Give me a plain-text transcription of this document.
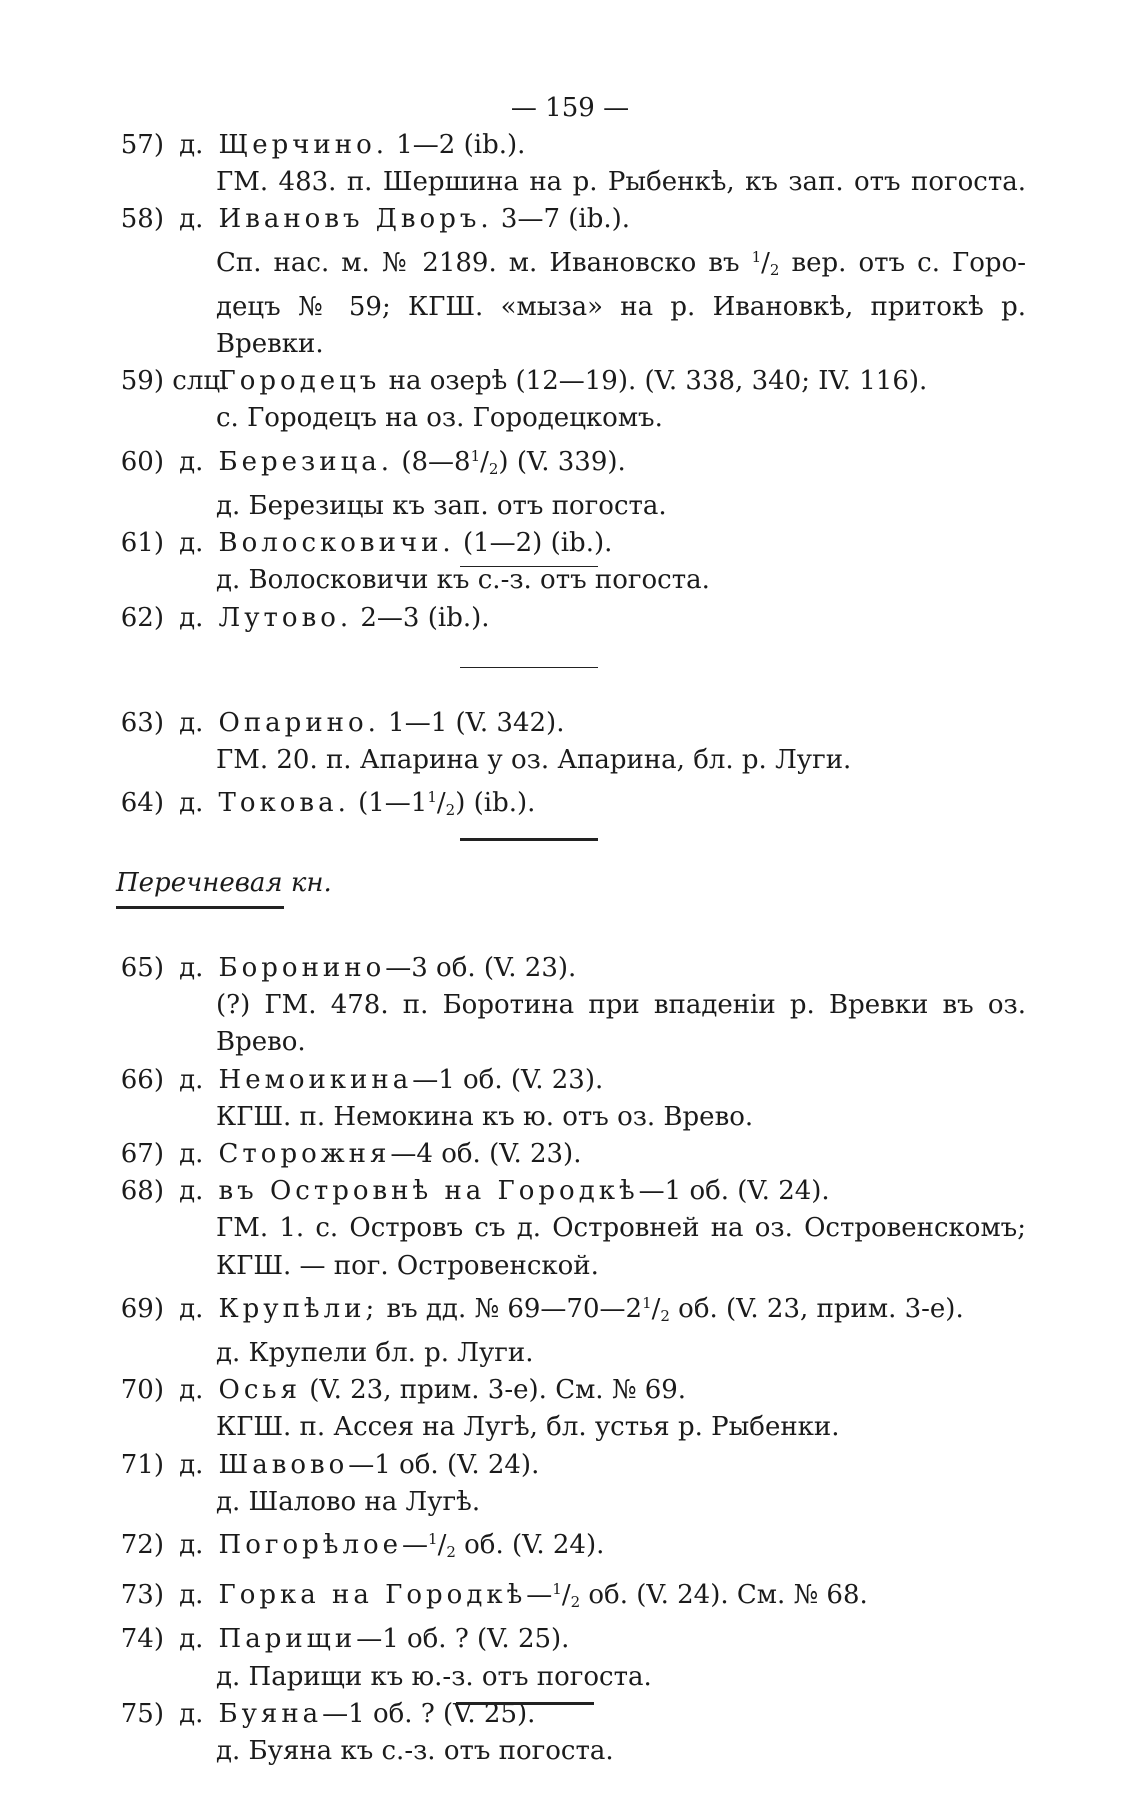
— 159 —
57) д. Щерчино. 1—2 (ib.).
ГМ. 483. п. Шершина на р. Рыбенкѣ, къ зап. отъ погоста.
58) д. Ивановъ Дворъ. 3—7 (ib.).
Сп. нас. м. № 2189. м. Ивановско въ $^1/_2$ вер. отъ с. Горо-
децъ № 59; КГШ. «мыза» на р. Ивановкѣ, притокѣ р. Вревки.
59) слц. Городецъ на озерѣ (12—19). (V. 338, 340; IV. 116).
с. Городецъ на оз. Городецкомъ.
60) д. Березица. $(8—8^1/_2)$ (V. 339).
д. Березицы къ зап. отъ погоста.
61) д. Волосковичи. (1—2) (ib.).
д. Волосковичи къ с.-з. отъ погоста.
62) д. Лутово. 2—3 (ib.).
63) д. Опарино. 1—1 (V. 342).
ГМ. 20. п. Апарина у оз. Апарина, бл. р. Луги.
64) д. Токова. $(1—1^1/_2)$ (ib.).
Перечневая кн.
65) д. Боронино—3 об. (V. 23).
(?) ГМ. 478. п. Боротина при впаденіи р. Вревки въ оз. Врево.
66) д. Немоикина—1 об. (V. 23).
КГШ. п. Немокина къ ю. отъ оз. Врево.
67) д. Сторожня—4 об. (V. 23).
68) д. въ Островнѣ на Городкѣ—1 об. (V. 24).
ГМ. 1. с. Островъ съ д. Островней на оз. Островенскомъ;
КГШ. — пог. Островенской.
69) д. Крупѣли; въ дд. № $69—70—2^1/_2$ об. (V. 23, прим. 3-е).
д. Крупели бл. р. Луги.
70) д. Осья (V. 23, прим. 3-е). См. № 69.
КГШ. п. Ассея на Лугѣ, бл. устья р. Рыбенки.
71) д. Шавово—1 об. (V. 24).
д. Шалово на Лугѣ.
72) д. $Погорѣлое—^1/_2$ об. (V. 24).
73) д. Горка на $Городкѣ—^1/_2$ об. (V. 24). См. № 68.
74) д. Парищи—1 об. ? (V. 25).
д. Парищи къ ю.-з. отъ погоста.
75) д. Буяна—1 об. ? (V. 25).
д. Буяна къ с.-з. отъ погоста.
